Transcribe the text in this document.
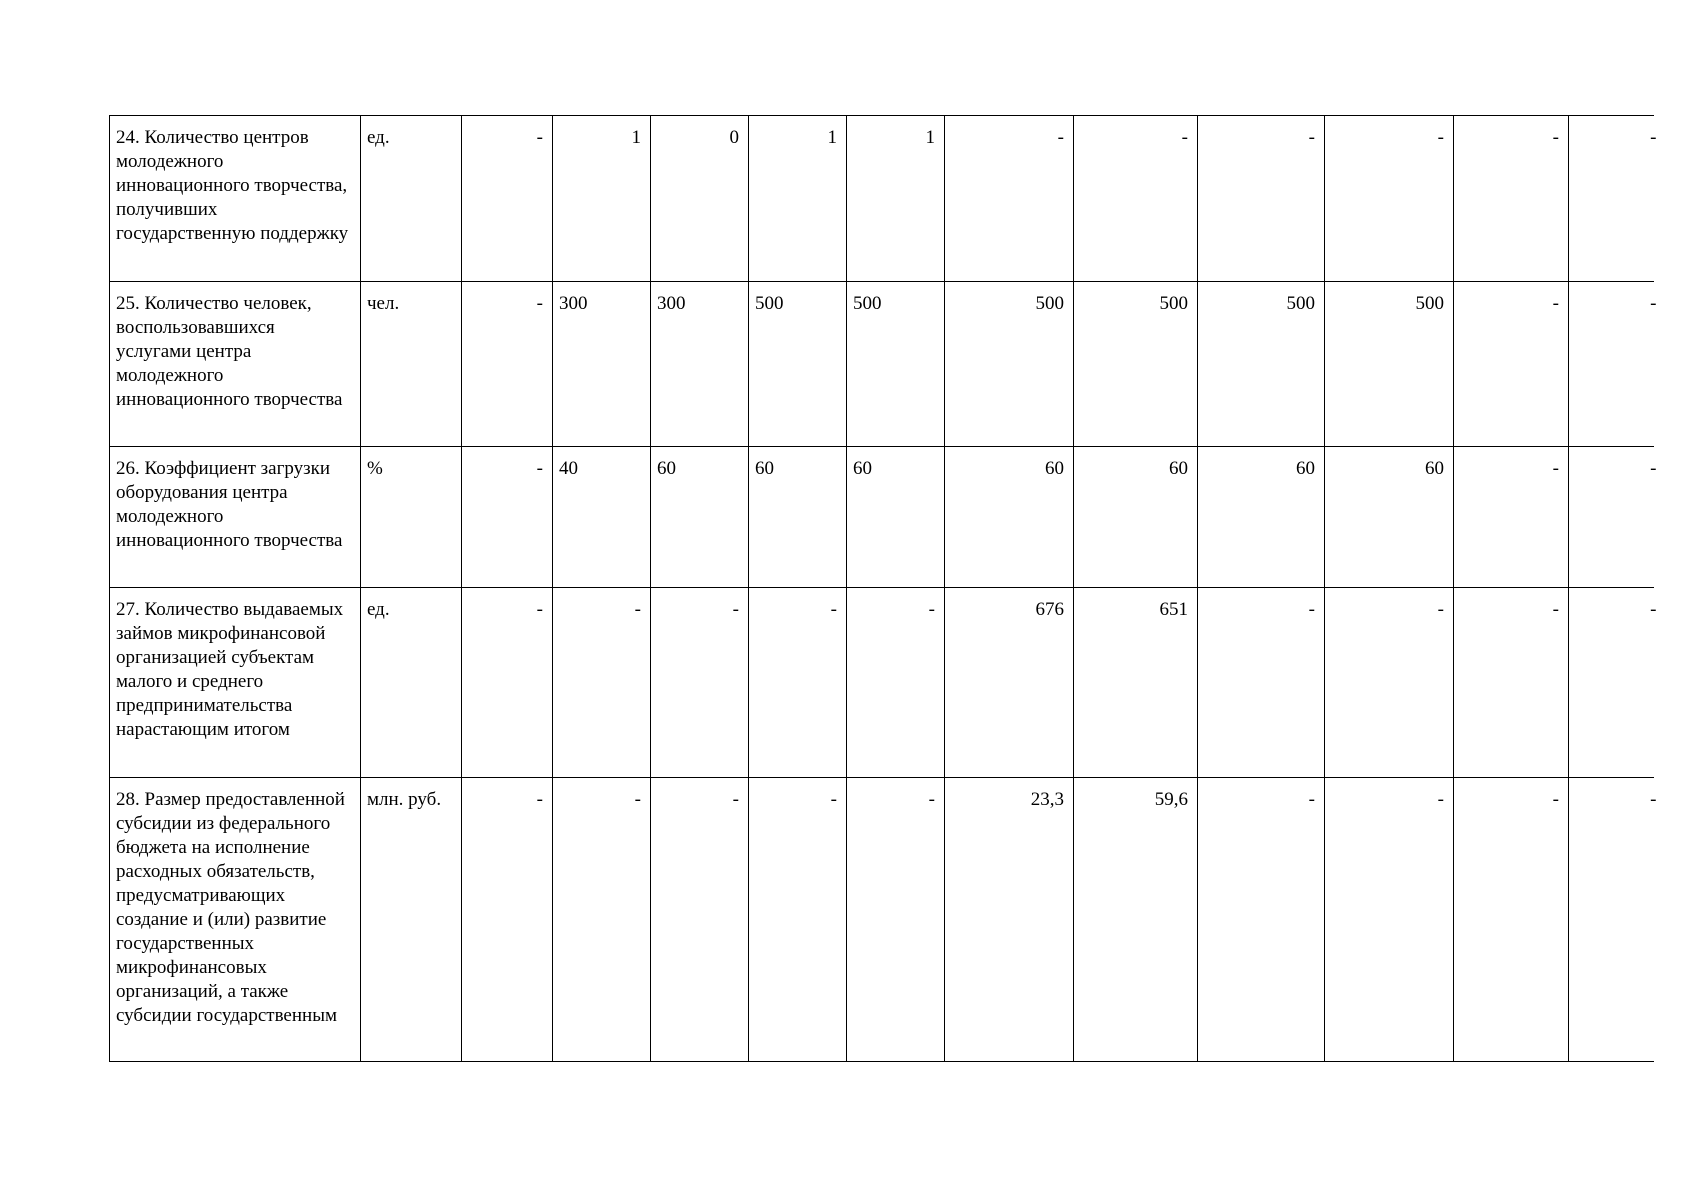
24. Количество центров молодежного инновационного творчества, получивших государственную поддержку	ед.	-	1	0	1	1	-	-	-	-	-	-

25. Количество человек, воспользовавшихся услугами центра молодежного инновационного творчества	чел.	-	300	300	500	500	500	500	500	500	-	-

26. Коэффициент загрузки оборудования центра молодежного инновационного творчества	%	-	40	60	60	60	60	60	60	60	-	-

27. Количество выдаваемых займов микрофинансовой организацией субъектам малого и среднего предпринимательства нарастающим итогом	ед.	-	-	-	-	-	676	651	-	-	-	-

28. Размер предоставленной субсидии из федерального бюджета на исполнение расходных обязательств, предусматривающих создание и (или) развитие государственных микрофинансовых организаций, а также субсидии государственным	млн. руб.	-	-	-	-	-	23,3	59,6	-	-	-	-
